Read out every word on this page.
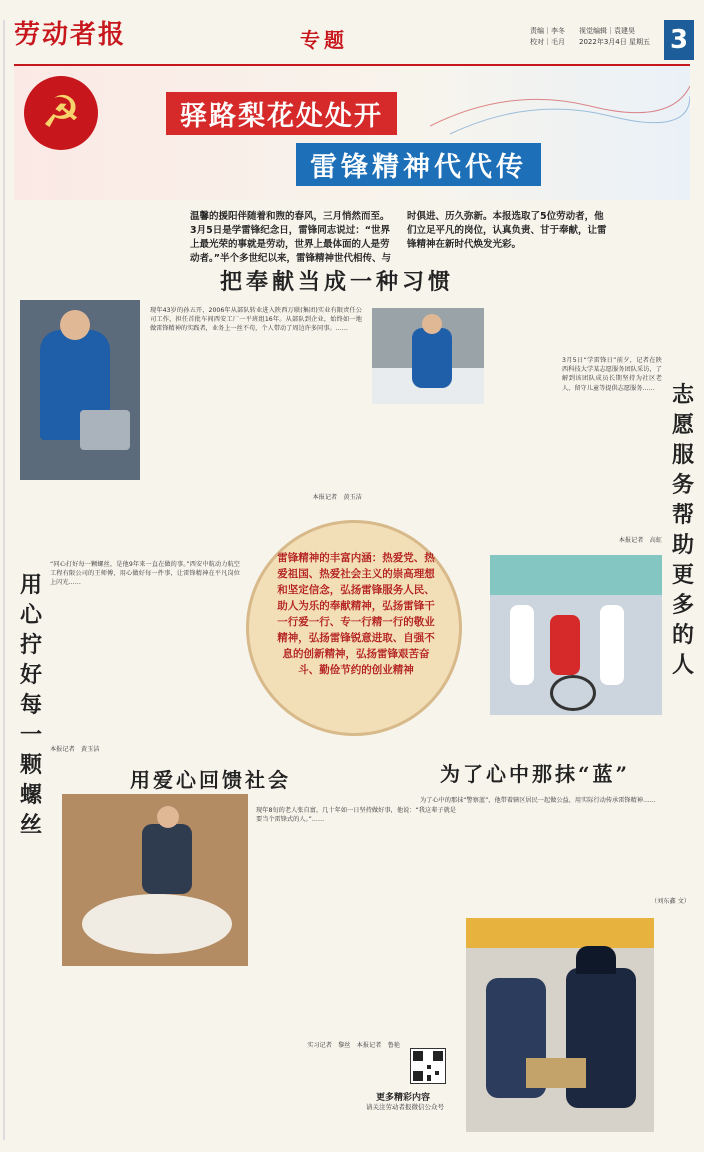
劳动者报	专题	责编｜李冬　　视觉编辑｜袁建昊
校对｜毛月　　2022年3月4日 星期五 3
☭	驿路梨花处处开
雷锋精神代代传
温馨的援阳伴随着和煦的春风，三月悄然而至。3月5日是学雷锋纪念日，雷锋同志说过：“世界上最光荣的事就是劳动，世界上最体面的人是劳动者。”半个多世纪以来，雷锋精神世代相传、与时俱进、历久弥新。本报选取了5位劳动者，他们立足平凡的岗位，认真负责、甘于奉献，让雷锋精神在新时代焕发光彩。
把奉献当成一种习惯
用爱心回馈社会	为了心中那抹“蓝”
志愿服务帮助更多的人
用心拧好每一颗螺丝
雷锋精神的丰富内涵：热爱党、热爱祖国、热爱社会主义的崇高理想和坚定信念，弘扬雷锋服务人民、助人为乐的奉献精神，弘扬雷锋干一行爱一行、专一行精一行的敬业精神，弘扬雷锋锐意进取、自强不息的创新精神，弘扬雷锋艰苦奋斗、勤俭节约的创业精神
现年43岁的孙五开，2006年从部队转业进入陕西万联(集团)实业有限责任公司工作，担任首批车间西安工厂一平班组16年。从部队到企业，始终如一地做雷锋精神的实践者，业务上一丝不苟，个人带动了周边许多同事。……
本报记者　黄玉洁
3月5日“学雷锋日”前夕，记者在陕西科技大学某志愿服务团队采访，了解到该团队成员长期坚持为社区老人、留守儿童等提供志愿服务……
本报记者　高虹
“同心打好每一颗螺丝，是他9年来一直在做的事。”西安中航动力航空工程有限公司的王师傅，用心做好每一件事，让雷锋精神在平凡岗位上闪光……
本报记者　黄玉洁
现年8旬的老人张自富，几十年如一日坚持做好事，他说：“我这辈子就是要当个雷锋式的人。”……
实习记者　黎丝　本报记者　鲁艳
为了心中的那抹“警察蓝”，他带着辖区居民一起做公益，用实际行动传承雷锋精神……
（刘东鑫 文）
更多精彩内容
请关注劳动者报微信公众号
